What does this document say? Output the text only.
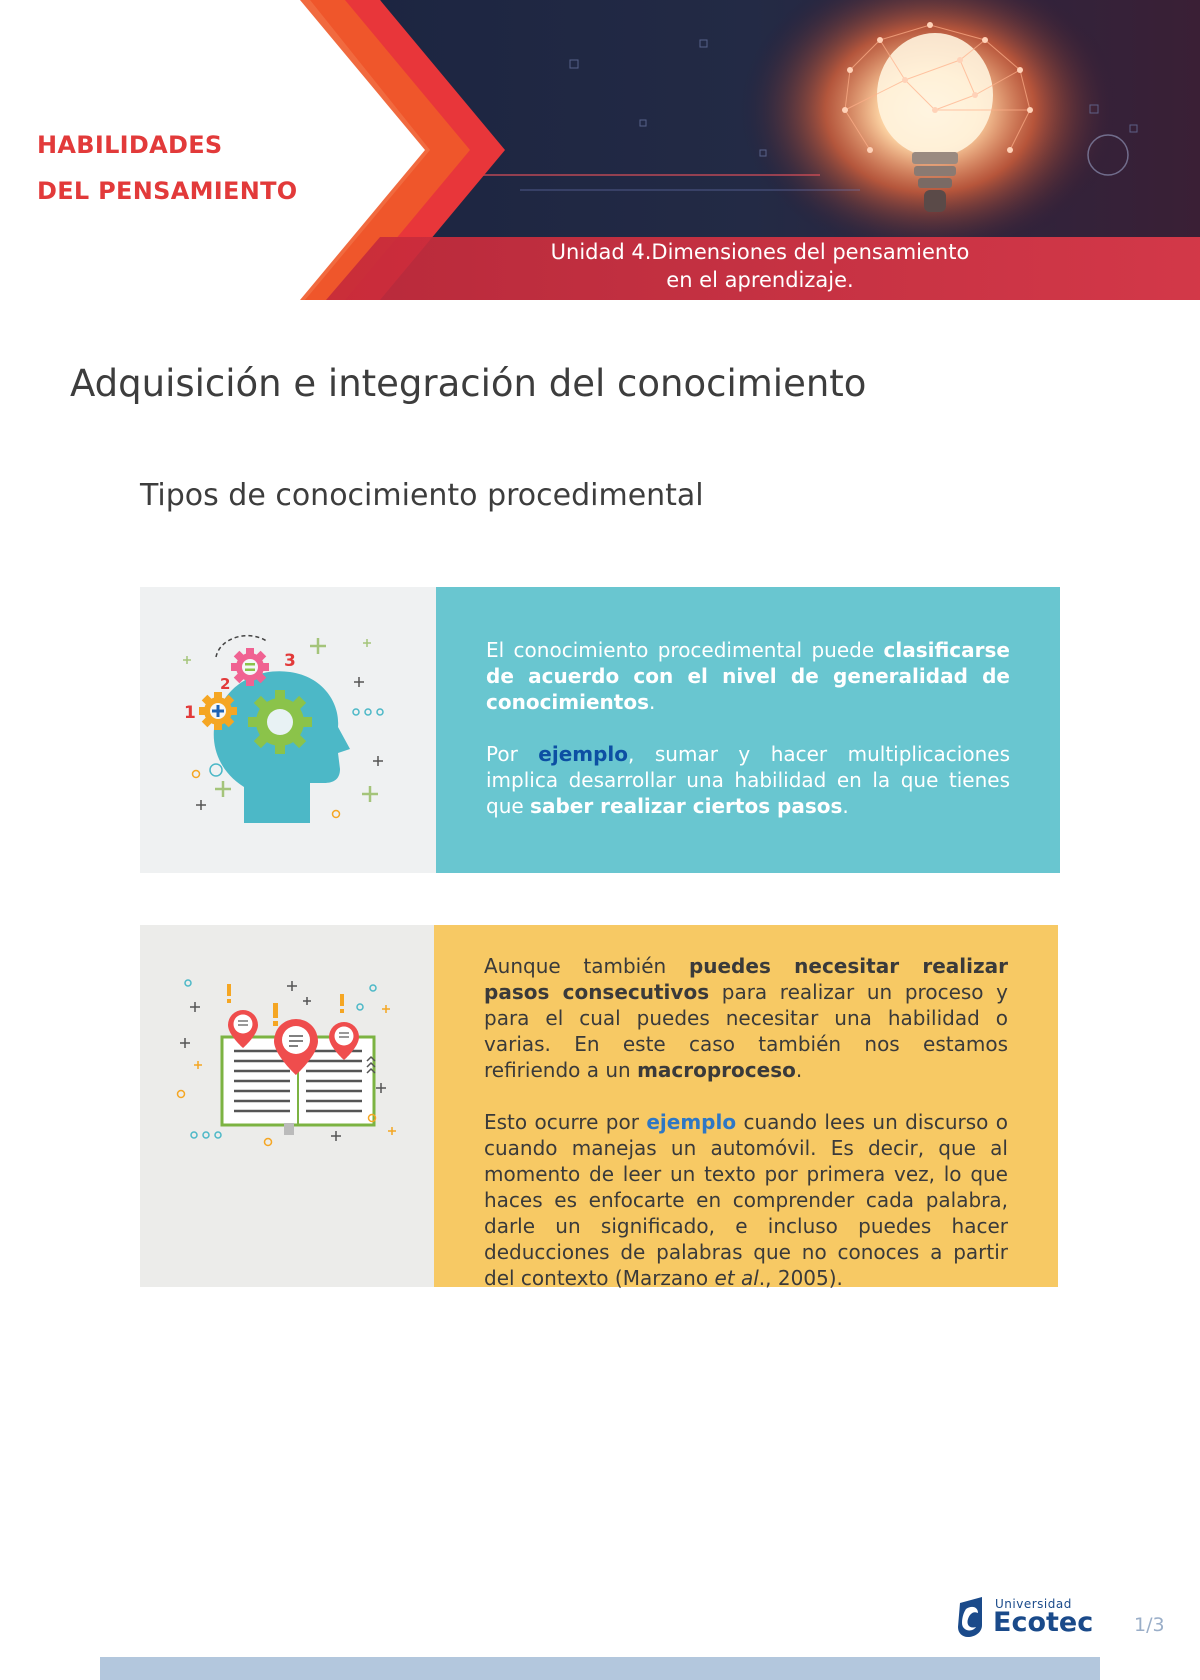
HABILIDADES
DEL PENSAMIENTO
Unidad 4.Dimensiones del pensamiento
en el aprendizaje.
Adquisición e integración del conocimiento
Tipos de conocimiento procedimental
1
2
3	El conocimiento procedimental puede clasificarse de acuerdo con el nivel de generalidad de conocimientos.

Por ejemplo, sumar y hacer multiplicaciones implica desarrollar una habilidad en la que tienes que saber realizar ciertos pasos.

Aunque también puedes necesitar realizar pasos consecutivos para realizar un proceso y para el cual puedes necesitar una habilidad o varias. En este caso también nos estamos refiriendo a un macroproceso.

Esto ocurre por ejemplo cuando lees un discurso o cuando manejas un automóvil. Es decir, que al momento de leer un texto por primera vez, lo que haces es enfocarte en comprender cada palabra, darle un significado, e incluso puedes hacer deducciones de palabras que no conoces a partir del contexto (Marzano et al., 2005).

Universidad
Ecotec 1/3
